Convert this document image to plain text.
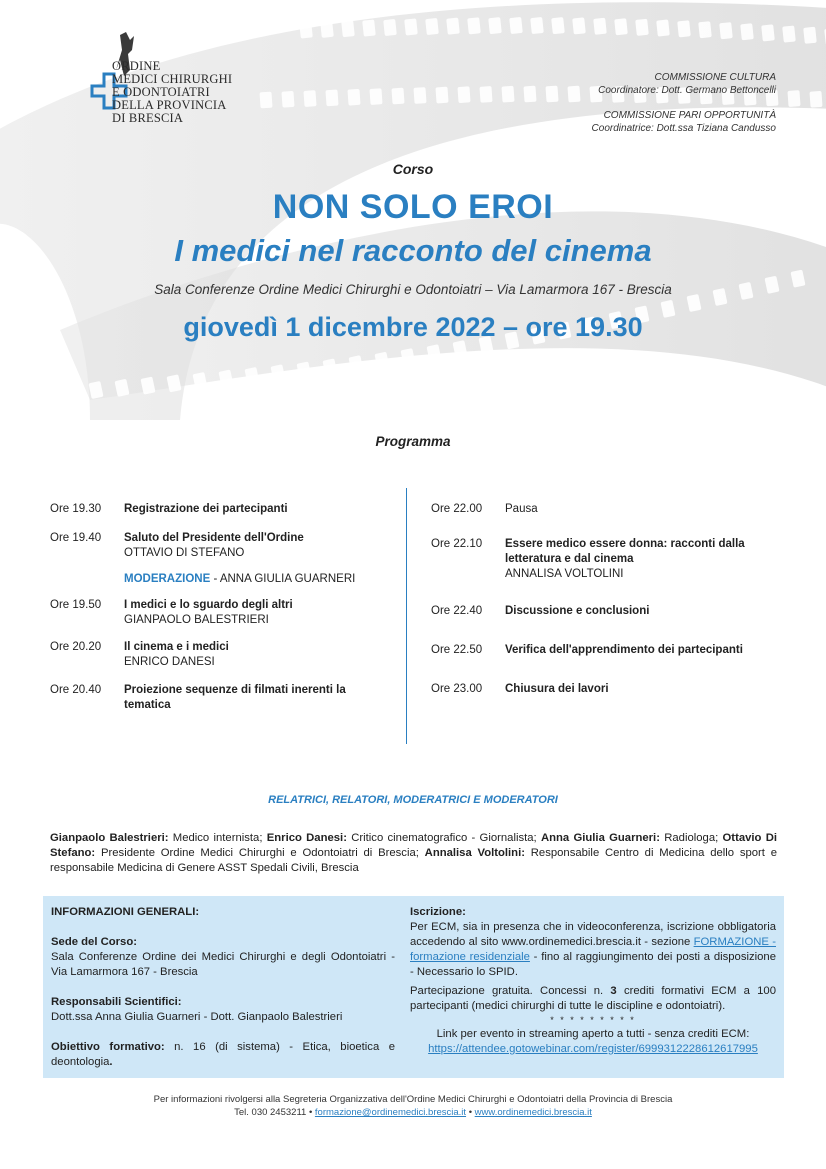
ORDINE
MEDICI CHIRURGHI
E ODONTOIATRI
DELLA PROVINCIA
DI BRESCIA
COMMISSIONE CULTURA
Coordinatore: Dott. Germano Bettoncelli
COMMISSIONE PARI OPPORTUNITÀ
Coordinatrice: Dott.ssa Tiziana Candusso
Corso
NON SOLO EROI
I medici nel racconto del cinema
Sala Conferenze Ordine Medici Chirurghi e Odontoiatri – Via Lamarmora 167 - Brescia
giovedì 1 dicembre 2022 – ore 19.30
Programma
Ore 19.30	Registrazione dei partecipanti
Ore 19.40	Saluto del Presidente dell'Ordine
OTTAVIO DI STEFANO
MODERAZIONE - ANNA GIULIA GUARNERI
Ore 19.50	I medici e lo sguardo degli altri
GIANPAOLO BALESTRIERI
Ore 20.20	Il cinema e i medici
ENRICO DANESI
Ore 20.40	Proiezione sequenze di filmati inerenti la tematica
Ore 22.00	Pausa
Ore 22.10	Essere medico essere donna: racconti dalla letteratura e dal cinema
ANNALISA VOLTOLINI
Ore 22.40	Discussione e conclusioni
Ore 22.50	Verifica dell'apprendimento dei partecipanti
Ore 23.00	Chiusura dei lavori
RELATRICI, RELATORI, MODERATRICI E MODERATORI
Gianpaolo Balestrieri: Medico internista; Enrico Danesi: Critico cinematografico - Giornalista; Anna Giulia Guarneri: Radiologa; Ottavio Di Stefano: Presidente Ordine Medici Chirurghi e Odontoiatri di Brescia; Annalisa Voltolini: Responsabile Centro di Medicina dello sport e responsabile Medicina di Genere ASST Spedali Civili, Brescia
INFORMAZIONI GENERALI:
Sede del Corso:
Sala Conferenze Ordine dei Medici Chirurghi e degli Odontoiatri - Via Lamarmora 167 - Brescia
Responsabili Scientifici:
Dott.ssa Anna Giulia Guarneri - Dott. Gianpaolo Balestrieri
Obiettivo formativo: n. 16 (di sistema) - Etica, bioetica e deontologia.
Iscrizione:
Per ECM, sia in presenza che in videoconferenza, iscrizione obbligatoria accedendo al sito www.ordinemedici.brescia.it - sezione FORMAZIONE - formazione residenziale - fino al raggiungimento dei posti a disposizione - Necessario lo SPID.
Partecipazione gratuita. Concessi n. 3 crediti formativi ECM a 100 partecipanti (medici chirurghi di tutte le discipline e odontoiatri).
* * * * * * * * *
Link per evento in streaming aperto a tutti - senza crediti ECM:
https://attendee.gotowebinar.com/register/6999312228612617995
Per informazioni rivolgersi alla Segreteria Organizzativa dell'Ordine Medici Chirurghi e Odontoiatri della Provincia di Brescia
Tel. 030 2453211 • formazione@ordinemedici.brescia.it • www.ordinemedici.brescia.it
